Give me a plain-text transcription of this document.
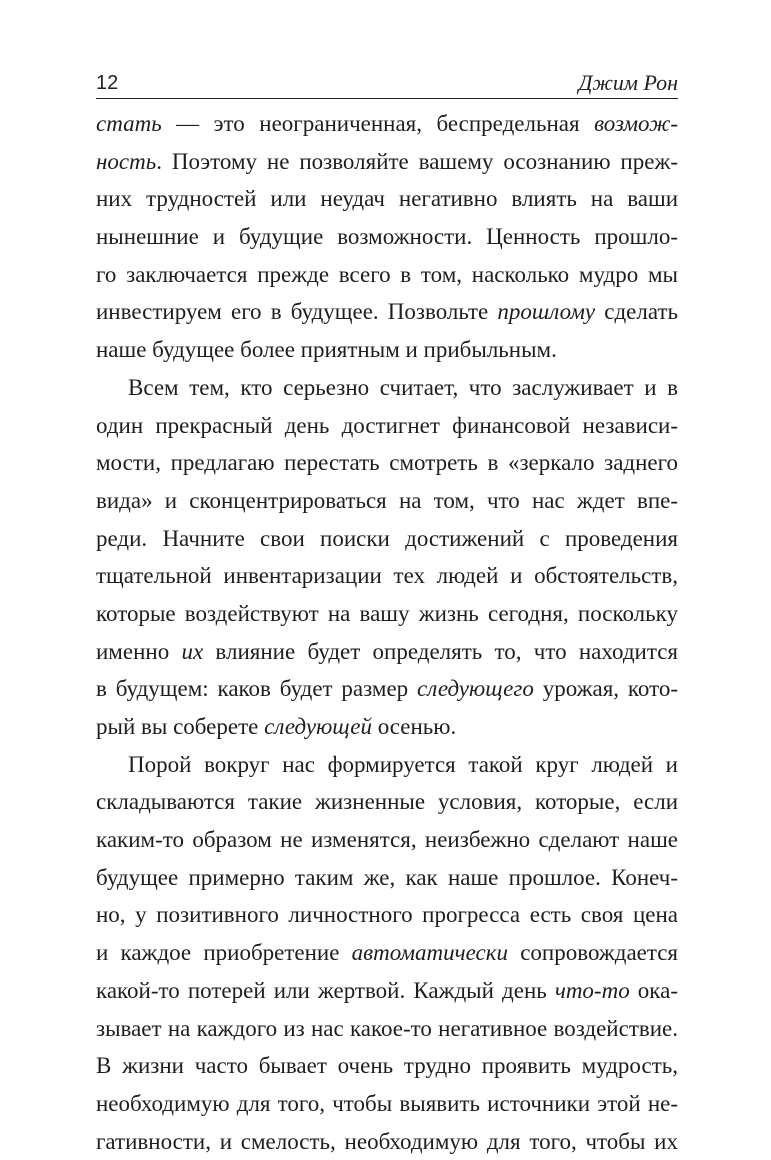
12	Джим Рон
стать — это неограниченная, беспредельная возмож-
ность. Поэтому не позволяйте вашему осознанию преж-
них трудностей или неудач негативно влиять на ваши
нынешние и будущие возможности. Ценность прошло-
го заключается прежде всего в том, насколько мудро мы
инвестируем его в будущее. Позвольте прошлому сделать
наше будущее более приятным и прибыльным.
Всем тем, кто серьезно считает, что заслуживает и в
один прекрасный день достигнет финансовой независи-
мости, предлагаю перестать смотреть в «зеркало заднего
вида» и сконцентрироваться на том, что нас ждет впе-
реди. Начните свои поиски достижений с проведения
тщательной инвентаризации тех людей и обстоятельств,
которые воздействуют на вашу жизнь сегодня, поскольку
именно их влияние будет определять то, что находится
в будущем: каков будет размер следующего урожая, кото-
рый вы соберете следующей осенью.
Порой вокруг нас формируется такой круг людей и
складываются такие жизненные условия, которые, если
каким-то образом не изменятся, неизбежно сделают наше
будущее примерно таким же, как наше прошлое. Конеч-
но, у позитивного личностного прогресса есть своя цена
и каждое приобретение автоматически сопровождается
какой-то потерей или жертвой. Каждый день что-то ока-
зывает на каждого из нас какое-то негативное воздействие.
В жизни часто бывает очень трудно проявить мудрость,
необходимую для того, чтобы выявить источники этой не-
гативности, и смелость, необходимую для того, чтобы их
